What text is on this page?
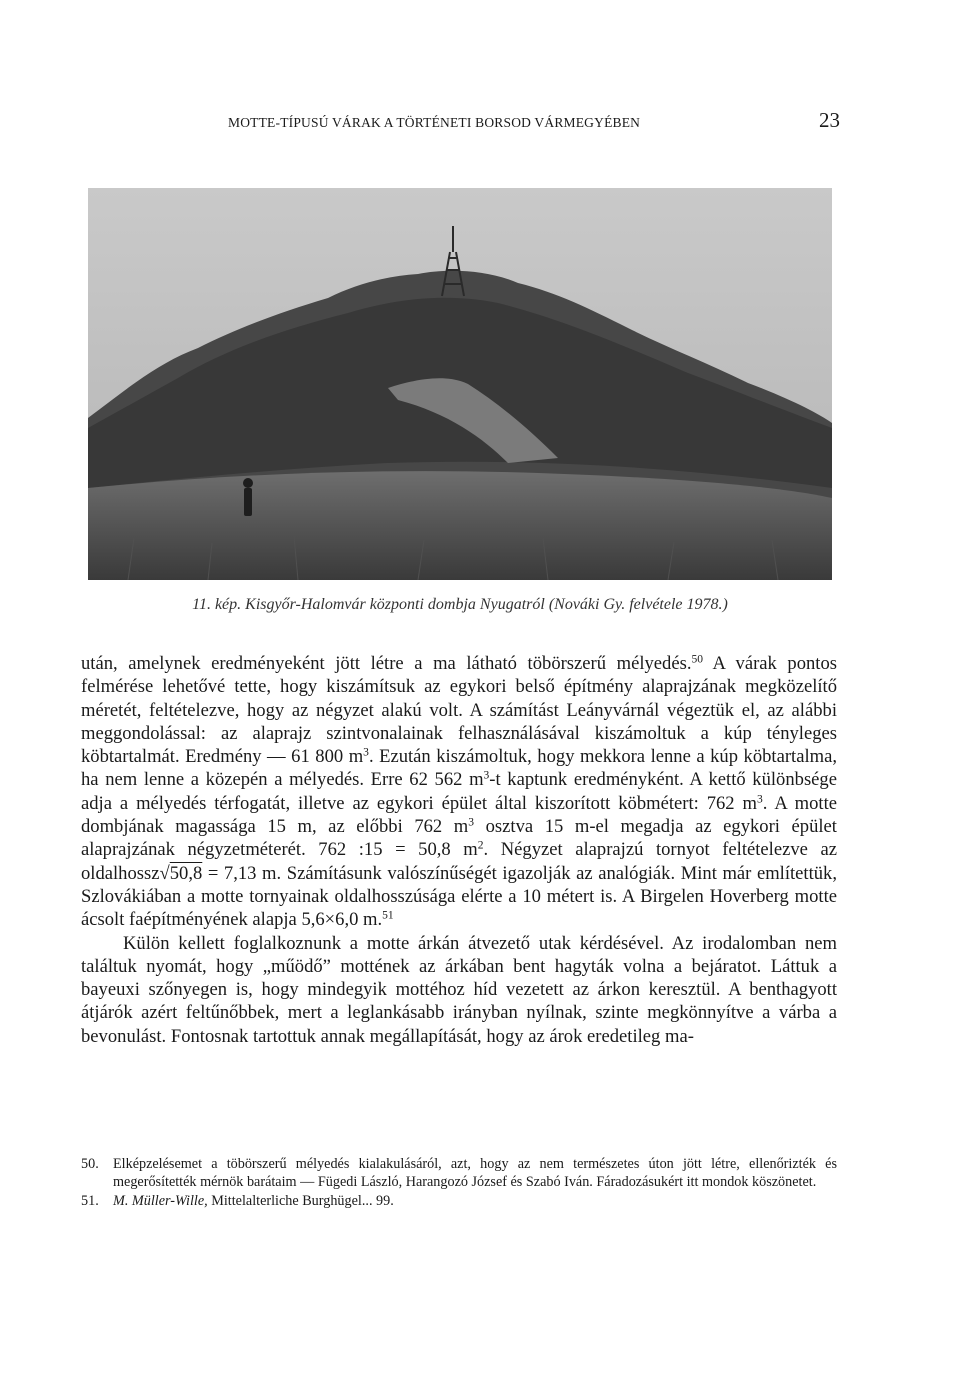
MOTTE-TÍPUSÚ VÁRAK A TÖRTÉNETI BORSOD VÁRMEGYÉBEN	23
11. kép. Kisgyőr-Halomvár központi dombja Nyugatról (Nováki Gy. felvétele 1978.)

után, amelynek eredményeként jött létre a ma látható töbörszerű mélyedés.$^{50}$ A várak pontos felmérése lehetővé tette, hogy kiszámítsuk az egykori belső építmény alaprajzának megközelítő méretét, feltételezve, hogy az négyzet alakú volt. A számítást Leányvárnál végeztük el, az alábbi meggondolással: az alaprajz szintvonalainak felhasználásával kiszámoltuk a kúp tényleges köbtartalmát. Eredmény — 61 800 $m^3$. Ezután kiszámoltuk, hogy mekkora lenne a kúp köbtartalma, ha nem lenne a közepén a mélyedés. Erre 62 562 $m^3-t$ kaptunk eredményként. A kettő különbsége adja a mélyedés térfogatát, illetve az egykori épület által kiszorított köbmétert: 762 $m^3$. A motte dombjának magassága 15 m, az előbbi 762 $m^3$ osztva 15 m-el megadja az egykori épület alaprajzának négyzetméterét. 762 :15 = 50,8 $m^2$. Négyzet alaprajzú tornyot feltételezve az oldalhossz√50,8 = 7,13 m. Számításunk valószínűségét igazolják az analógiák. Mint már említettük, Szlovákiában a motte tornyainak oldalhosszúsága elérte a 10 métert is. A Birgelen Hoverberg motte ácsolt faépítményének alapja 5,6×6,0 m.$^{51}$

Külön kellett foglalkoznunk a motte árkán átvezető utak kérdésével. Az irodalomban nem találtuk nyomát, hogy „műödő” mottének az árkában bent hagyták volna a bejáratot. Láttuk a bayeuxi szőnyegen is, hogy mindegyik mottéhoz híd vezetett az árkon keresztül. A benthagyott átjárók azért feltűnőbbek, mert a leglankásabb irányban nyílnak, szinte megkönnyítve a várba a bevonulást. Fontosnak tartottuk annak megállapítását, hogy az árok eredetileg ma-

50.	Elképzelésemet a töbörszerű mélyedés kialakulásáról, azt, hogy az nem természetes úton jött létre, ellenőrizték és megerősítették mérnök barátaim — Fügedi László, Harangozó József és Szabó Iván. Fáradozásukért itt mondok köszönetet.
51.	M. Müller-Wille, Mittelalterliche Burghügel... 99.
